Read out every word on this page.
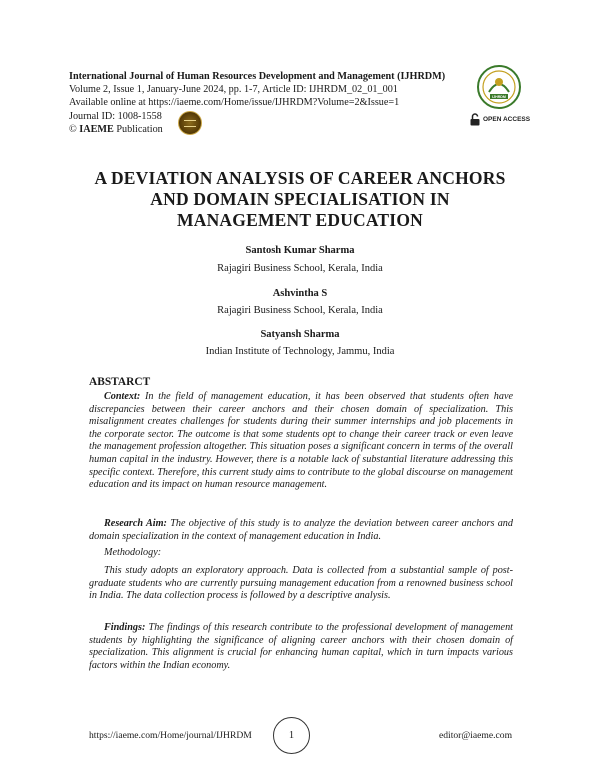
International Journal of Human Resources Development and Management (IJHRDM)
Volume 2, Issue 1, January-June 2024, pp. 1-7, Article ID: IJHRDM_02_01_001
Available online at https://iaeme.com/Home/issue/IJHRDM?Volume=2&Issue=1
Journal ID: 1008-1558
© IAEME Publication
IJHRDM
OPEN ACCESS
A DEVIATION ANALYSIS OF CAREER ANCHORS
AND DOMAIN SPECIALISATION IN
MANAGEMENT EDUCATION
Santosh Kumar Sharma
Rajagiri Business School, Kerala, India
Ashvintha S
Rajagiri Business School, Kerala, India
Satyansh Sharma
Indian Institute of Technology, Jammu, India
ABSTARCT
Context: In the field of management education, it has been observed that students often have discrepancies between their career anchors and their chosen domain of specialization. This misalignment creates challenges for students during their summer internships and job placements in the corporate sector. The outcome is that some students opt to change their career track or even leave the management profession altogether. This situation poses a significant concern in terms of the overall human capital in the industry. However, there is a notable lack of substantial literature addressing this specific context. Therefore, this current study aims to contribute to the global discourse on management education and its impact on human resource management.
Research Aim: The objective of this study is to analyze the deviation between career anchors and domain specialization in the context of management education in India.
Methodology:
This study adopts an exploratory approach. Data is collected from a substantial sample of post-graduate students who are currently pursuing management education from a renowned business school in India. The data collection process is followed by a descriptive analysis.
Findings: The findings of this research contribute to the professional development of management students by highlighting the significance of aligning career anchors with their chosen domain of specialization. This alignment is crucial for enhancing human capital, which in turn impacts various factors within the Indian economy.
https://iaeme.com/Home/journal/IJHRDM	1	editor@iaeme.com
